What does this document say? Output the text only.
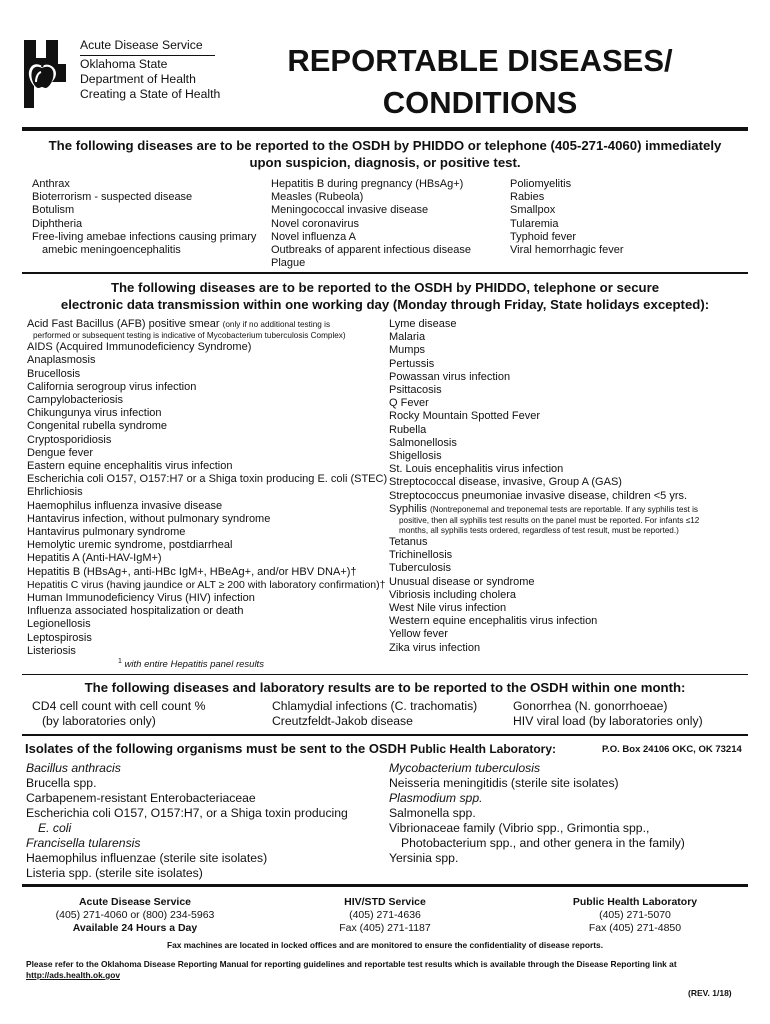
Acute Disease Service
Oklahoma State
Department of Health
Creating a State of Health
REPORTABLE DISEASES/
CONDITIONS
The following diseases are to be reported to the OSDH by PHIDDO or telephone (405-271-4060) immediately
upon suspicion, diagnosis, or positive test.
Anthrax
Bioterrorism - suspected disease
Botulism
Diphtheria
Free-living amebae infections causing primary
amebic meningoencephalitis
Hepatitis B during pregnancy (HBsAg+)
Measles (Rubeola)
Meningococcal invasive disease
Novel coronavirus
Novel influenza A
Outbreaks of apparent infectious disease
Plague
Poliomyelitis
Rabies
Smallpox
Tularemia
Typhoid fever
Viral hemorrhagic fever
The following diseases are to be reported to the OSDH by PHIDDO, telephone or secure
electronic data transmission within one working day (Monday through Friday, State holidays excepted):
Acid Fast Bacillus (AFB) positive smear (only if no additional testing is
performed or subsequent testing is indicative of Mycobacterium tuberculosis Complex)
AIDS (Acquired Immunodeficiency Syndrome)
Anaplasmosis
Brucellosis
California serogroup virus infection
Campylobacteriosis
Chikungunya virus infection
Congenital rubella syndrome
Cryptosporidiosis
Dengue fever
Eastern equine encephalitis virus infection
Escherichia coli O157, O157:H7 or a Shiga toxin producing E. coli (STEC)
Ehrlichiosis
Haemophilus influenza invasive disease
Hantavirus infection, without pulmonary syndrome
Hantavirus pulmonary syndrome
Hemolytic uremic syndrome, postdiarrheal
Hepatitis A (Anti-HAV-IgM+)
Hepatitis B (HBsAg+, anti-HBc IgM+, HBeAg+, and/or HBV DNA+)†
Hepatitis C virus (having jaundice or ALT ≥ 200 with laboratory confirmation)†
Human Immunodeficiency Virus (HIV) infection
Influenza associated hospitalization or death
Legionellosis
Leptospirosis
Listeriosis
$^1$ with entire Hepatitis panel results
Lyme disease
Malaria
Mumps
Pertussis
Powassan virus infection
Psittacosis
Q Fever
Rocky Mountain Spotted Fever
Rubella
Salmonellosis
Shigellosis
St. Louis encephalitis virus infection
Streptococcal disease, invasive, Group A (GAS)
Streptococcus pneumoniae invasive disease, children <5 yrs.
Syphilis (Nontreponemal and treponemal tests are reportable. If any syphilis test is
positive, then all syphilis test results on the panel must be reported. For infants ≤12
months, all syphilis tests ordered, regardless of test result, must be reported.)
Tetanus
Trichinellosis
Tuberculosis
Unusual disease or syndrome
Vibriosis including cholera
West Nile virus infection
Western equine encephalitis virus infection
Yellow fever
Zika virus infection
The following diseases and laboratory results are to be reported to the OSDH within one month:
CD4 cell count with cell count %
(by laboratories only)
Chlamydial infections (C. trachomatis)
Creutzfeldt-Jakob disease
Gonorrhea (N. gonorrhoeae)
HIV viral load (by laboratories only)
Isolates of the following organisms must be sent to the OSDH Public Health Laboratory:	P.O. Box 24106 OKC, OK 73214
Bacillus anthracis
Brucella spp.
Carbapenem-resistant Enterobacteriaceae
Escherichia coli O157, O157:H7, or a Shiga toxin producing
E. coli
Francisella tularensis
Haemophilus influenzae (sterile site isolates)
Listeria spp. (sterile site isolates)
Mycobacterium tuberculosis
Neisseria meningitidis (sterile site isolates)
Plasmodium spp.
Salmonella spp.
Vibrionaceae family (Vibrio spp., Grimontia spp.,
Photobacterium spp., and other genera in the family)
Yersinia spp.
Acute Disease Service
(405) 271-4060 or (800) 234-5963
Available 24 Hours a Day
HIV/STD Service
(405) 271-4636
Fax (405) 271-1187
Public Health Laboratory
(405) 271-5070
Fax (405) 271-4850
Fax machines are located in locked offices and are monitored to ensure the confidentiality of disease reports.
Please refer to the Oklahoma Disease Reporting Manual for reporting guidelines and reportable test results which is available through the Disease Reporting link at
http://ads.health.ok.gov
(REV. 1/18)
